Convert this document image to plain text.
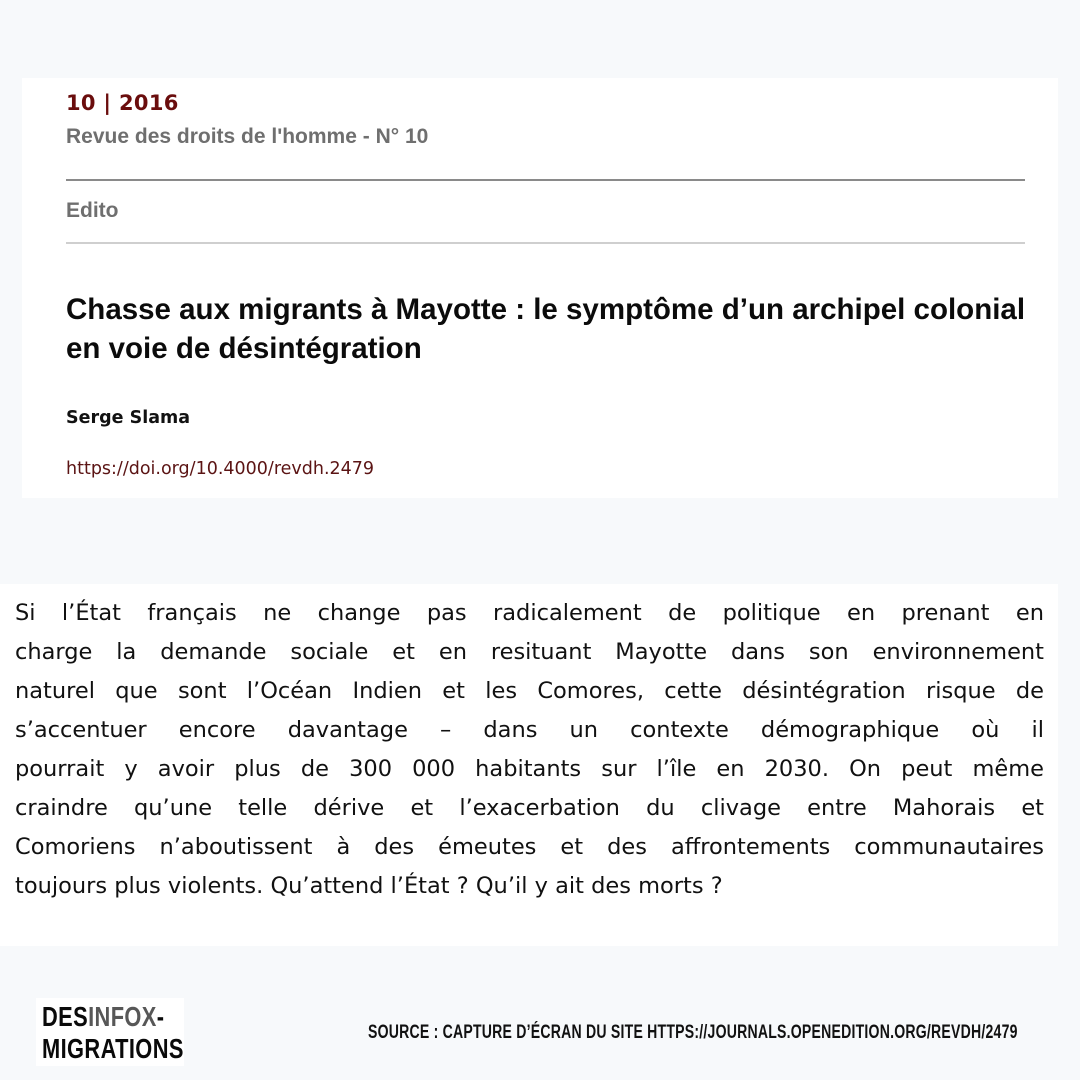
10 | 2016
Revue des droits de l'homme - N° 10
Edito
Chasse aux migrants à Mayotte : le symptôme d’un archipel colonial en voie de désintégration
Serge Slama
https://doi.org/10.4000/revdh.2479
Si l’État français ne change pas radicalement de politique en prenant en
charge la demande sociale et en resituant Mayotte dans son environnement
naturel que sont l’Océan Indien et les Comores, cette désintégration risque de
s’accentuer encore davantage – dans un contexte démographique où il
pourrait y avoir plus de 300 000 habitants sur l’île en 2030. On peut même
craindre qu’une telle dérive et l’exacerbation du clivage entre Mahorais et
Comoriens n’aboutissent à des émeutes et des affrontements communautaires
toujours plus violents. Qu’attend l’État ? Qu’il y ait des morts ?
DESINFOX-
MIGRATIONS
SOURCE : CAPTURE D’ÉCRAN DU SITE HTTPS://JOURNALS.OPENEDITION.ORG/REVDH/2479
